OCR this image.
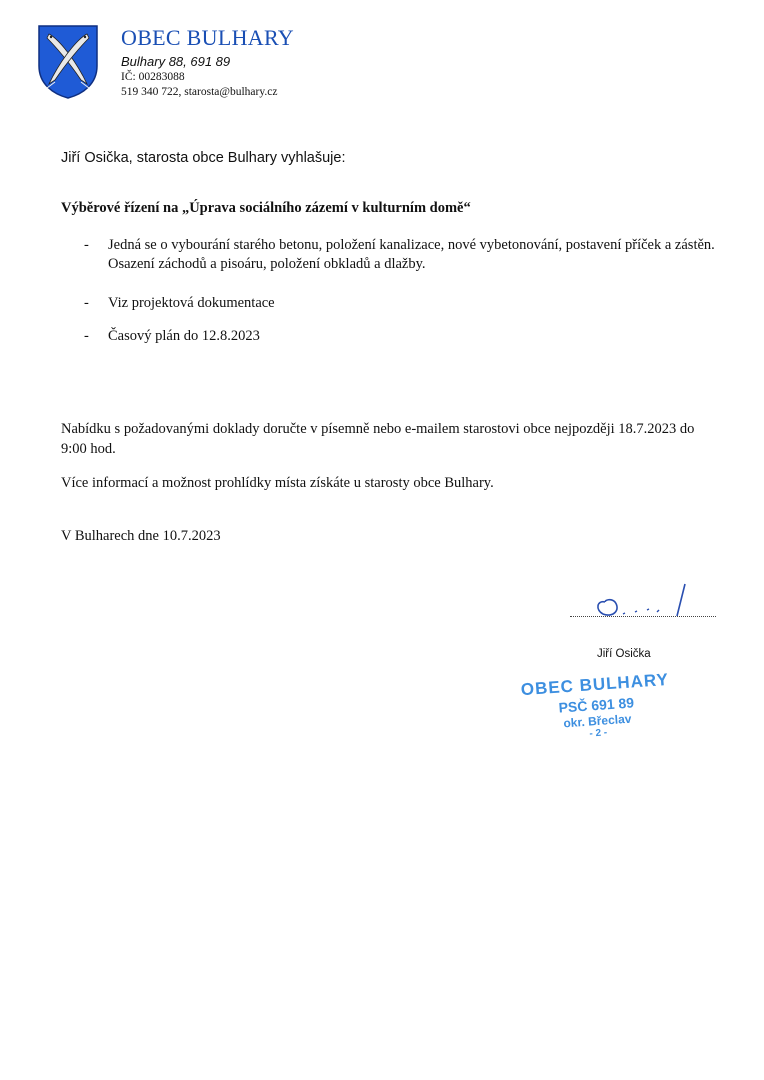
OBEC BULHARY
Bulhary 88, 691 89
IČ: 00283088
519 340 722, starosta@bulhary.cz
Jiří Osička, starosta obce Bulhary vyhlašuje:
Výběrové řízení na „Úprava sociálního zázemí v kulturním domě“
- Jedná se o vybourání starého betonu, položení kanalizace, nové vybetonování, postavení příček a zástěn. Osazení záchodů a pisoáru, položení obkladů a dlažby.
- Viz projektová dokumentace
- Časový plán do 12.8.2023
Nabídku s požadovanými doklady doručte v písemně nebo e-mailem starostovi obce nejpozději 18.7.2023 do 9:00 hod.
Více informací a možnost prohlídky místa získáte u starosty obce Bulhary.
V Bulharech dne 10.7.2023
Jiří Osička
OBEC BULHARY
PSČ 691 89
okr. Břeclav
- 2 -
